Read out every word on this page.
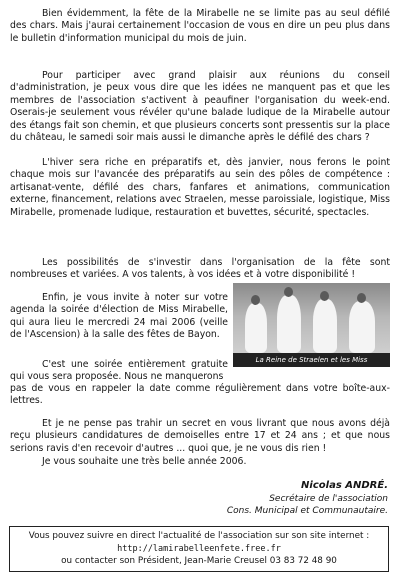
Bien évidemment, la fête de la Mirabelle ne se limite pas au seul défilé des chars. Mais j'aurai certainement l'occasion de vous en dire un peu plus dans le bulletin d'information municipal du mois de juin.

Pour participer avec grand plaisir aux réunions du conseil d'administration, je peux vous dire que les idées ne manquent pas et que les membres de l'association s'activent à peaufiner l'organisation du week-end. Oserais-je seulement vous révéler qu'une balade ludique de la Mirabelle autour des étangs fait son chemin, et que plusieurs concerts sont pressentis sur la place du château, le samedi soir mais aussi le dimanche après le défilé des chars ?

L'hiver sera riche en préparatifs et, dès janvier, nous ferons le point chaque mois sur l'avancée des préparatifs au sein des pôles de compétence : artisanat-vente, défilé des chars, fanfares et animations, communication externe, financement, relations avec Straelen, messe paroissiale, logistique, Miss Mirabelle, promenade ludique, restauration et buvettes, sécurité, spectacles.

Les possibilités de s'investir dans l'organisation de la fête sont nombreuses et variées. A vos talents, à vos idées et à votre disponibilité !

Enfin, je vous invite à noter sur votre agenda la soirée d'élection de Miss Mirabelle, qui aura lieu le mercredi 24 mai 2006 (veille de l'Ascension) à la salle des fêtes de Bayon.

C'est une soirée entièrement gratuite qui vous sera proposée. Nous ne manquerons

pas de vous en rappeler la date comme régulièrement dans votre boîte-aux-lettres.

La Reine de Straelen et les Miss

Et je ne pense pas trahir un secret en vous livrant que nous avons déjà reçu plusieurs candidatures de demoiselles entre 17 et 24 ans ; et que nous serions ravis d'en recevoir d'autres ... quoi que, je ne vous dis rien !

Je vous souhaite une très belle année 2006.

Nicolas ANDRÉ.
Secrétaire de l'association
Cons. Municipal et Communautaire.
Vous pouvez suivre en direct l'actualité de l'association sur son site internet :
http://lamirabelleenfete.free.fr
ou contacter son Président, Jean-Marie Creusel 03 83 72 48 90
